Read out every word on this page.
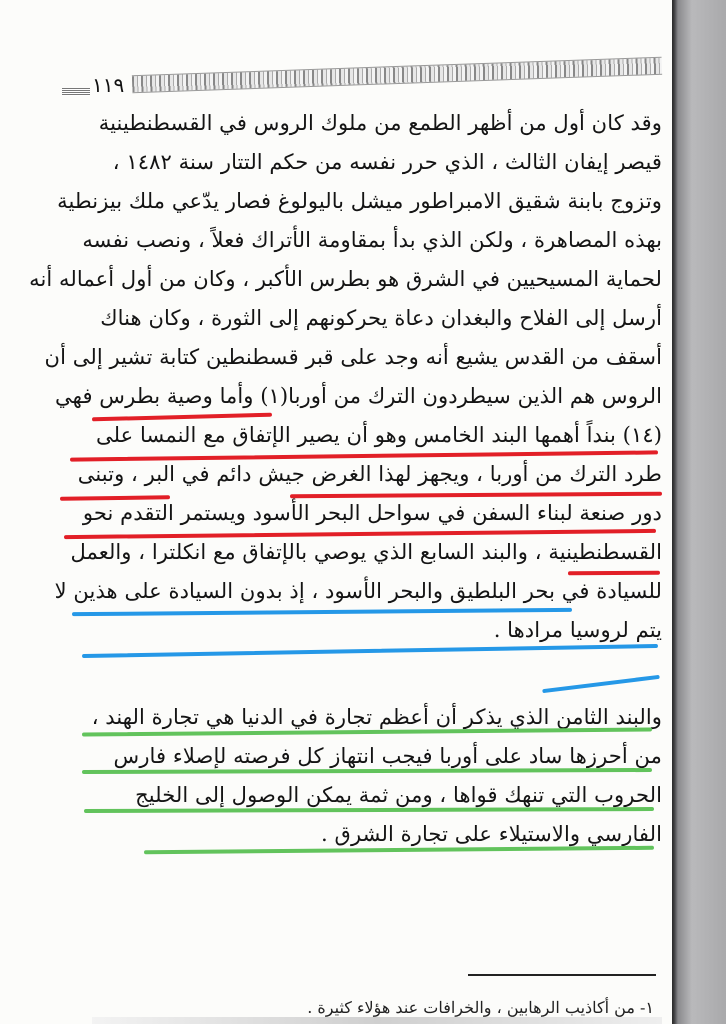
١١٩
وقد كان أول من أظهر الطمع من ملوك الروس في القسطنطينية
قيصر إيفان الثالث ، الذي حرر نفسه من حكم التتار سنة ١٤٨٢ ،
وتزوج بابنة شقيق الامبراطور ميشل باليولوغ فصار يدّعي ملك بيزنطية
بهذه المصاهرة ، ولكن الذي بدأ بمقاومة الأتراك فعلاً ، ونصب نفسه
لحماية المسيحيين في الشرق هو بطرس الأكبر ، وكان من أول أعماله أنه
أرسل إلى الفلاح والبغدان دعاة يحركونهم إلى الثورة ، وكان هناك
أسقف من القدس يشيع أنه وجد على قبر قسطنطين كتابة تشير إلى أن
الروس هم الذين سيطردون الترك من أوربا(١) وأما وصية بطرس فهي
(١٤) بنداً أهمها البند الخامس وهو أن يصير الإتفاق مع النمسا على
طرد الترك من أوربا ، ويجهز لهذا الغرض جيش دائم في البر ، وتبنى
دور صنعة لبناء السفن في سواحل البحر الأسود ويستمر التقدم نحو
القسطنطينية ، والبند السابع الذي يوصي بالإتفاق مع انكلترا ، والعمل
للسيادة في بحر البلطيق والبحر الأسود ، إذ بدون السيادة على هذين لا
يتم لروسيا مرادها .
والبند الثامن الذي يذكر أن أعظم تجارة في الدنيا هي تجارة الهند ،
من أحرزها ساد على أوربا فيجب انتهاز كل فرصته لإصلاء فارس
الحروب التي تنهك قواها ، ومن ثمة يمكن الوصول إلى الخليج
الفارسي والاستيلاء على تجارة الشرق .
١- من أكاذيب الرهابين ، والخرافات عند هؤلاء كثيرة .
